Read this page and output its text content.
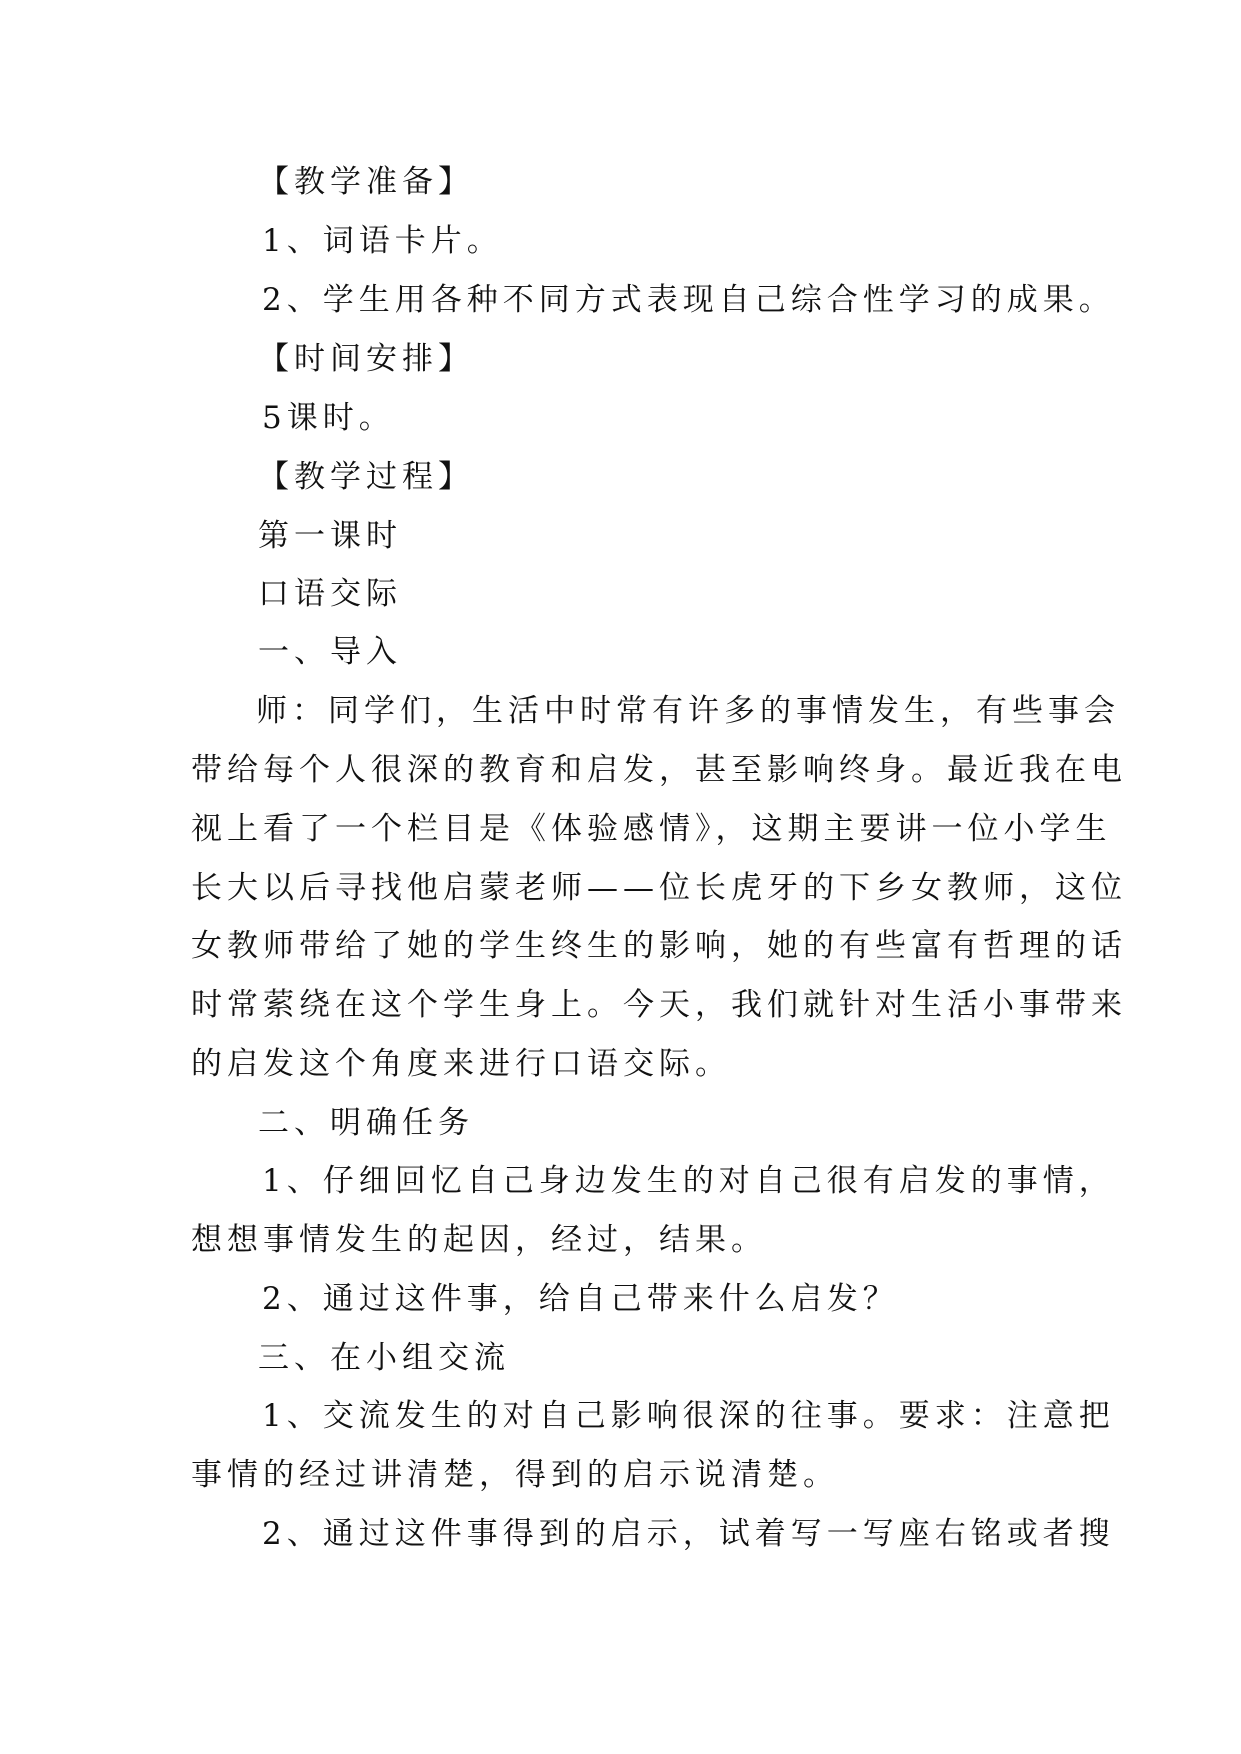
【教学准备】
1、词语卡片。
2、学生用各种不同方式表现自己综合性学习的成果。
【时间安排】
5课时。
【教学过程】
第一课时
口语交际
一、导入
师：同学们，生活中时常有许多的事情发生，有些事会
带给每个人很深的教育和启发，甚至影响终身。最近我在电
视上看了一个栏目是《体验感情》，这期主要讲一位小学生
长大以后寻找他启蒙老师——位长虎牙的下乡女教师，这位
女教师带给了她的学生终生的影响，她的有些富有哲理的话
时常萦绕在这个学生身上。今天，我们就针对生活小事带来
的启发这个角度来进行口语交际。
二、明确任务
1、仔细回忆自己身边发生的对自己很有启发的事情，
想想事情发生的起因，经过，结果。
2、通过这件事，给自己带来什么启发？
三、在小组交流
1、交流发生的对自己影响很深的往事。要求：注意把
事情的经过讲清楚，得到的启示说清楚。
2、通过这件事得到的启示，试着写一写座右铭或者搜
